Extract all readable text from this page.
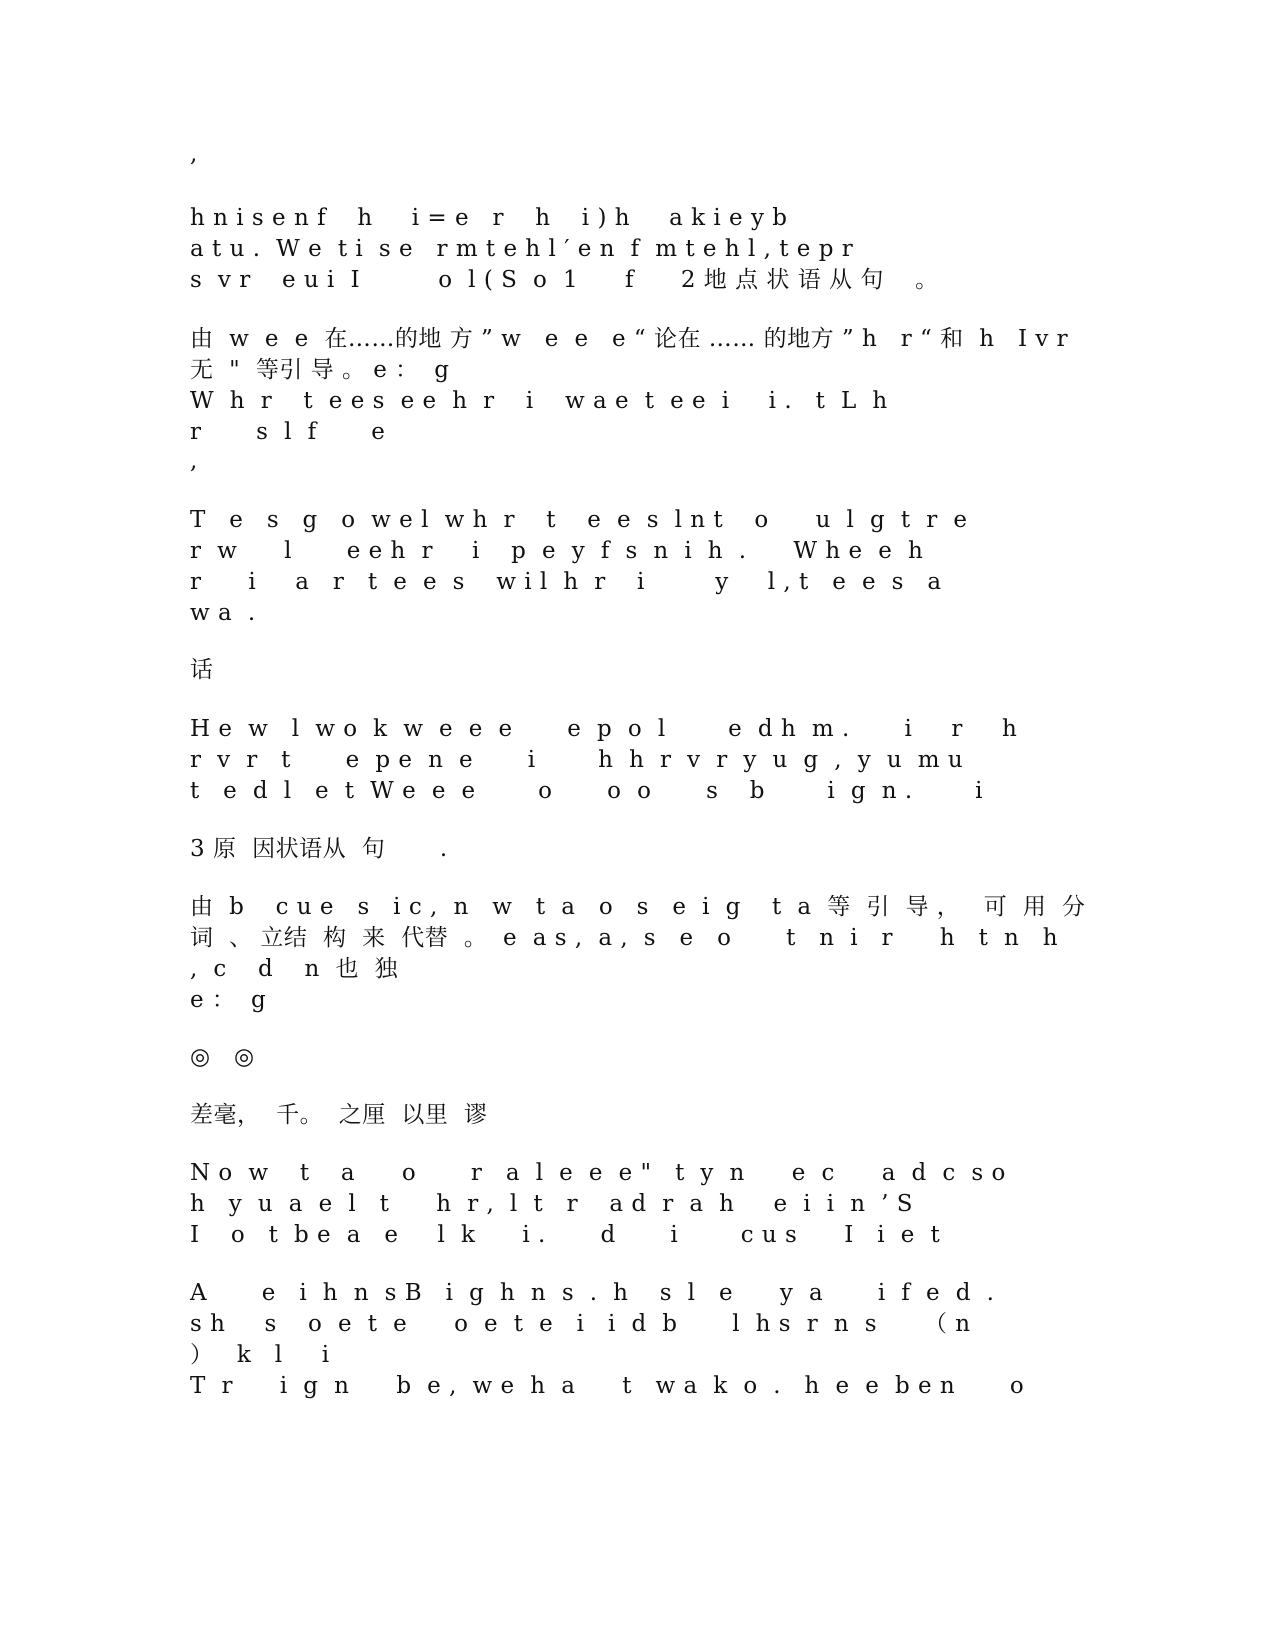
,
h n i s e n f    h     i = e   r    h    i ) h     a k i e y b
a t u .  W e  t i  s e   r m t e h l ′ e n  f  m t e h l , t e p r
s  v r    e u i  I          o  l ( S  o  1      f      2 地 点 状 语 从 句    。
由  w  e  e  在……的地 方 ” w   e  e   e “ 论在 …… 的地方 ” h   r “ 和  h   I v r
无  "  等引 导 。 e ：  g
W  h  r    t  e e s  e e  h  r    i    w a e  t  e e  i     i .   t  L  h
r       s  l  f       e
,
T   e   s   g   o  w e l  w h  r    t    e  e  s  l n t    o      u  l  g  t  r  e
r  w      l       e e h  r     i    p  e  y  f  s  n  i  h  .      W h e  e  h
r      i     a   r   t  e  e  s    w i l  h  r    i         y     l , t   e  e  s   a
w a  .
话
H e  w   l  w o  k  w  e  e  e       e  p  o  l        e  d h  m .       i     r     h
r  v  r   t       e  p e  n  e       i        h  h  r  v  r  y  u  g  ,  y  u  m u
t   e  d  l   e  t  W e  e  e        o       o  o       s    b        i  g  n .        i
3 原  因状语从  句       .
由  b    c u e   s   i c ,  n   w   t  a   o   s   e  i  g    t  a  等  引  导 ，   可  用  分
词  、 立结  构  来  代替  。  e  a s ,  a ,  s   e   o       t   n  i   r      h   t  n   h
,  c    d    n  也  独
e ：  g
◎   ◎
差毫，  千。  之厘  以里  谬
N o  w    t    a      o       r   a  l  e  e  e "   t  y  n      e  c      a  d  c  s o
h   y  u  a  e  l   t      h  r ,  l  t   r    a d  r  a  h     e  i  i  n  ’ S
I    o   t  b e  a   e     l  k      i .       d       i        c u s      I   i  e  t
A       e   i  h  n  s B   i  g  h  n  s  .  h    s  l   e      y  a       i  f  e  d  .
s h     s    o  e  t  e      o  e  t  e   i   i  d  b       l  h s  r  n  s      （ n
）   k   l     i
T  r      i  g  n      b  e ,  w e  h  a      t   w a  k  o  .   h  e  e  b e n       o
